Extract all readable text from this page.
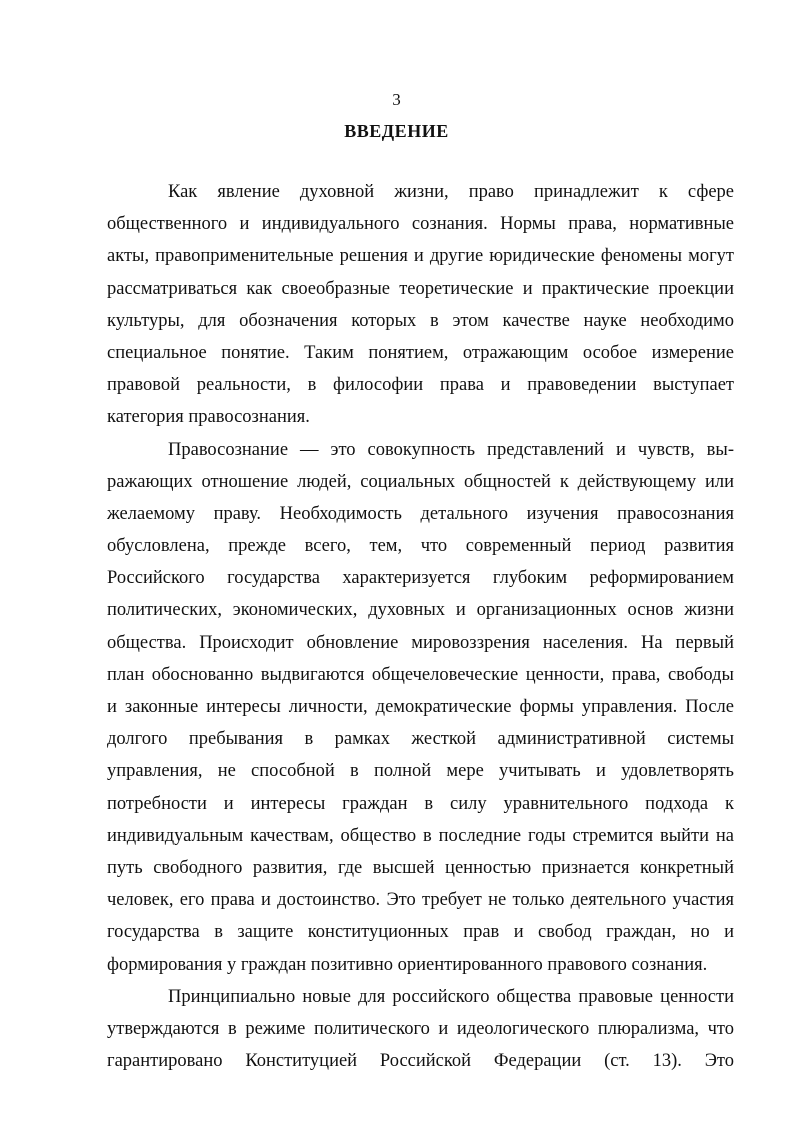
3
ВВЕДЕНИЕ
Как явление духовной жизни, право принадлежит к сфере
общественного и индивидуального сознания. Нормы права, нормативные
акты, правоприменительные решения и другие юридические феномены могут
рассматриваться как своеобразные теоретические и практические проекции
культуры, для обозначения которых в этом качестве науке необходимо
специальное понятие. Таким понятием, отражающим особое измерение
правовой реальности, в философии права и правоведении выступает
категория правосознания.
Правосознание — это совокупность представлений и чувств, вы-
ражающих отношение людей, социальных общностей к действующему или
желаемому праву. Необходимость детального изучения правосознания
обусловлена, прежде всего, тем, что современный период развития
Российского государства характеризуется глубоким реформированием
политических, экономических, духовных и организационных основ жизни
общества. Происходит обновление мировоззрения населения. На первый
план обоснованно выдвигаются общечеловеческие ценности, права, свободы
и законные интересы личности, демократические формы управления. После
долгого пребывания в рамках жесткой административной системы
управления, не способной в полной мере учитывать и удовлетворять
потребности и интересы граждан в силу уравнительного подхода к
индивидуальным качествам, общество в последние годы стремится выйти на
путь свободного развития, где высшей ценностью признается конкретный
человек, его права и достоинство. Это требует не только деятельного участия
государства в защите конституционных прав и свобод граждан, но и
формирования у граждан позитивно ориентированного правового сознания.
Принципиально новые для российского общества правовые ценности
утверждаются в режиме политического и идеологического плюрализма, что
гарантировано Конституцией Российской Федерации (ст. 13). Это
